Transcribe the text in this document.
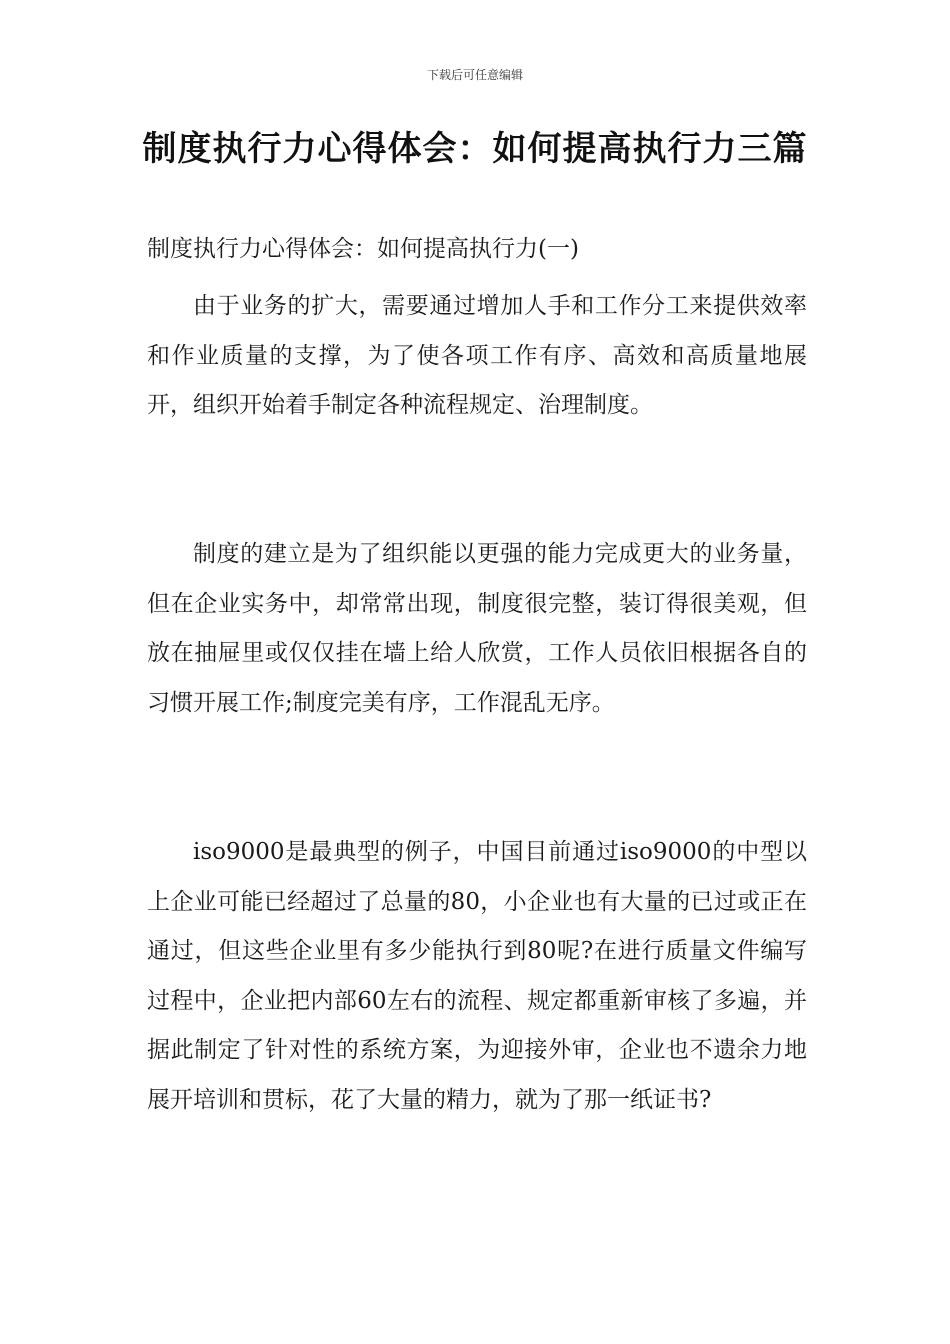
下载后可任意编辑
制度执行力心得体会：如何提高执行力三篇
制度执行力心得体会：如何提高执行力(一)

由于业务的扩大，需要通过增加人手和工作分工来提供效率和作业质量的支撑，为了使各项工作有序、高效和高质量地展开，组织开始着手制定各种流程规定、治理制度。

制度的建立是为了组织能以更强的能力完成更大的业务量，但在企业实务中，却常常出现，制度很完整，装订得很美观，但放在抽屉里或仅仅挂在墙上给人欣赏，工作人员依旧根据各自的习惯开展工作;制度完美有序，工作混乱无序。

iso9000是最典型的例子，中国目前通过iso9000的中型以上企业可能已经超过了总量的80，小企业也有大量的已过或正在通过，但这些企业里有多少能执行到80呢?在进行质量文件编写过程中，企业把内部60左右的流程、规定都重新审核了多遍，并据此制定了针对性的系统方案，为迎接外审，企业也不遗余力地展开培训和贯标，花了大量的精力，就为了那一纸证书?
